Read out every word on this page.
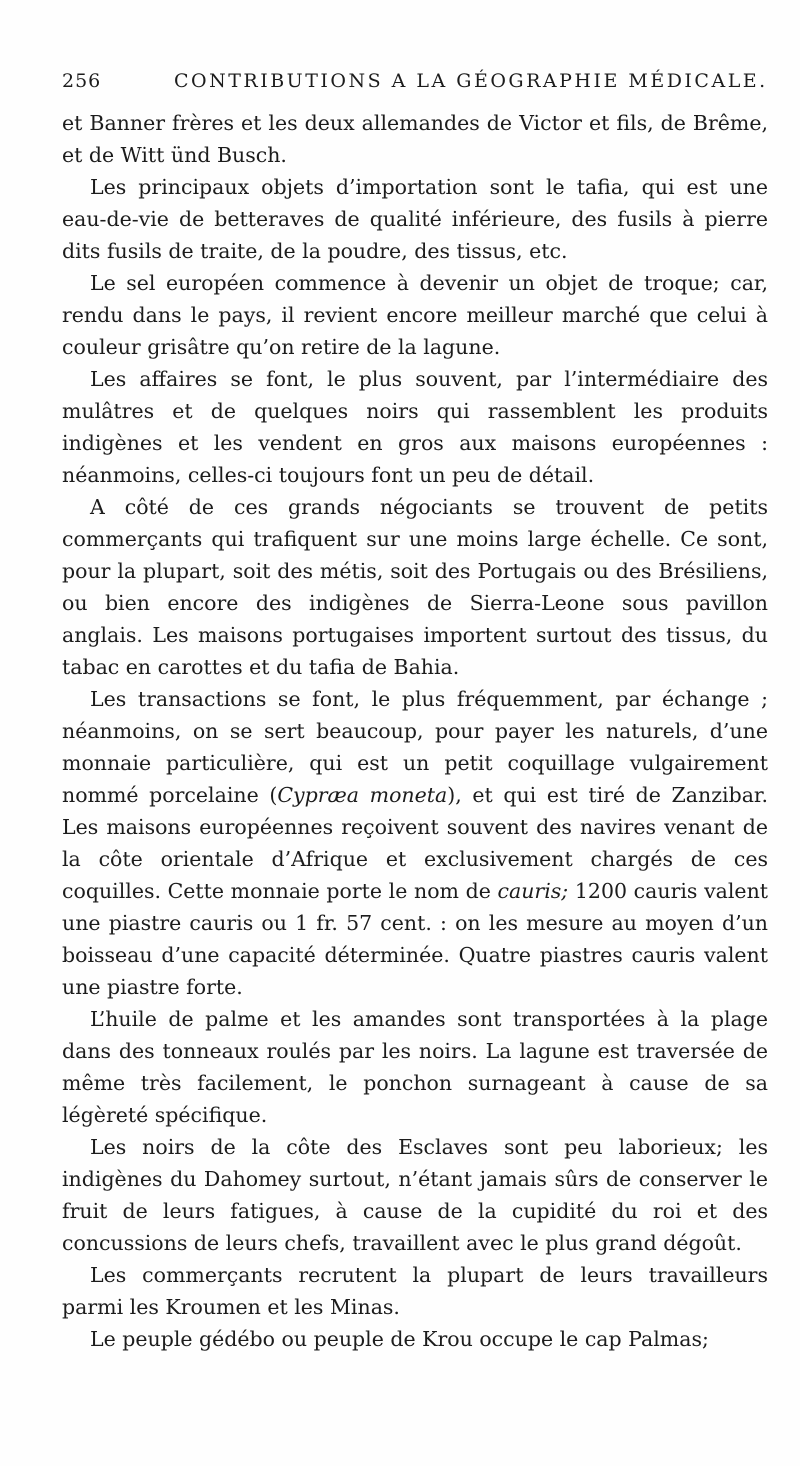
256	CONTRIBUTIONS A LA GÉOGRAPHIE MÉDICALE.

et Banner frères et les deux allemandes de Victor et fils, de Brême, et de Witt ünd Busch.

Les principaux objets d’importation sont le tafia, qui est une eau-de-vie de betteraves de qualité inférieure, des fusils à pierre dits fusils de traite, de la poudre, des tissus, etc.

Le sel européen commence à devenir un objet de troque; car, rendu dans le pays, il revient encore meilleur marché que celui à couleur grisâtre qu’on retire de la lagune.

Les affaires se font, le plus souvent, par l’intermédiaire des mulâtres et de quelques noirs qui rassemblent les produits indigènes et les vendent en gros aux maisons européennes : néanmoins, celles-ci toujours font un peu de détail.

A côté de ces grands négociants se trouvent de petits commerçants qui trafiquent sur une moins large échelle. Ce sont, pour la plupart, soit des métis, soit des Portugais ou des Brésiliens, ou bien encore des indigènes de Sierra-Leone sous pavillon anglais. Les maisons portugaises importent surtout des tissus, du tabac en carottes et du tafia de Bahia.

Les transactions se font, le plus fréquemment, par échange ; néanmoins, on se sert beaucoup, pour payer les naturels, d’une monnaie particulière, qui est un petit coquillage vulgairement nommé porcelaine (Cypræa moneta), et qui est tiré de Zanzibar. Les maisons européennes reçoivent souvent des navires venant de la côte orientale d’Afrique et exclusivement chargés de ces coquilles. Cette monnaie porte le nom de cauris; 1200 cauris valent une piastre cauris ou 1 fr. 57 cent. : on les mesure au moyen d’un boisseau d’une capacité déterminée. Quatre piastres cauris valent une piastre forte.

L’huile de palme et les amandes sont transportées à la plage dans des tonneaux roulés par les noirs. La lagune est traversée de même très facilement, le ponchon surnageant à cause de sa légèreté spécifique.

Les noirs de la côte des Esclaves sont peu laborieux; les indigènes du Dahomey surtout, n’étant jamais sûrs de conserver le fruit de leurs fatigues, à cause de la cupidité du roi et des concussions de leurs chefs, travaillent avec le plus grand dégoût.

Les commerçants recrutent la plupart de leurs travailleurs parmi les Kroumen et les Minas.

Le peuple gédébo ou peuple de Krou occupe le cap Palmas;
